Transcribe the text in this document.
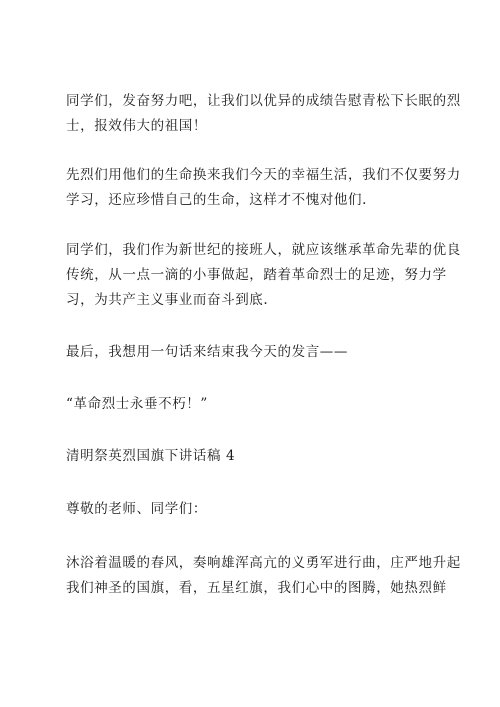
同学们，发奋努力吧，让我们以优异的成绩告慰青松下长眠的烈
士，报效伟大的祖国！
先烈们用他们的生命换来我们今天的幸福生活，我们不仅要努力
学习，还应珍惜自己的生命，这样才不愧对他们.
同学们，我们作为新世纪的接班人，就应该继承革命先辈的优良
传统，从一点一滴的小事做起，踏着革命烈士的足迹，努力学
习，为共产主义事业而奋斗到底.
最后，我想用一句话来结束我今天的发言——
“革命烈士永垂不朽！”
清明祭英烈国旗下讲话稿 4
尊敬的老师、同学们：
沐浴着温暖的春风，奏响雄浑高亢的义勇军进行曲，庄严地升起
我们神圣的国旗，看，五星红旗，我们心中的图腾，她热烈鲜
